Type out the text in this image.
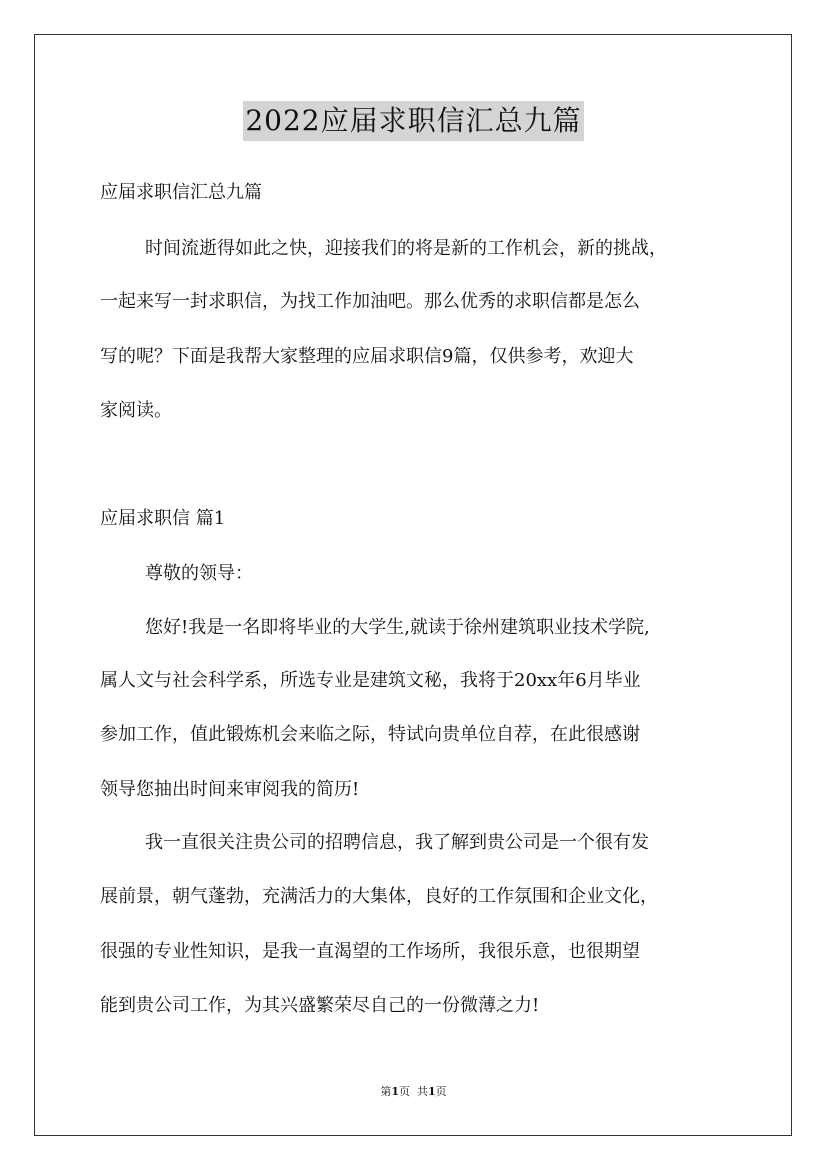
2022应届求职信汇总九篇

应届求职信汇总九篇

时间流逝得如此之快，迎接我们的将是新的工作机会，新的挑战，

一起来写一封求职信，为找工作加油吧。那么优秀的求职信都是怎么

写的呢？下面是我帮大家整理的应届求职信9篇，仅供参考，欢迎大

家阅读。

应届求职信 篇1

尊敬的领导：

您好!我是一名即将毕业的大学生,就读于徐州建筑职业技术学院,

属人文与社会科学系，所选专业是建筑文秘，我将于20xx年6月毕业

参加工作，值此锻炼机会来临之际，特试向贵单位自荐，在此很感谢

领导您抽出时间来审阅我的简历!

我一直很关注贵公司的招聘信息，我了解到贵公司是一个很有发

展前景，朝气蓬勃，充满活力的大集体，良好的工作氛围和企业文化，

很强的专业性知识，是我一直渴望的工作场所，我很乐意，也很期望

能到贵公司工作，为其兴盛繁荣尽自己的一份微薄之力!

第1页 共1页
